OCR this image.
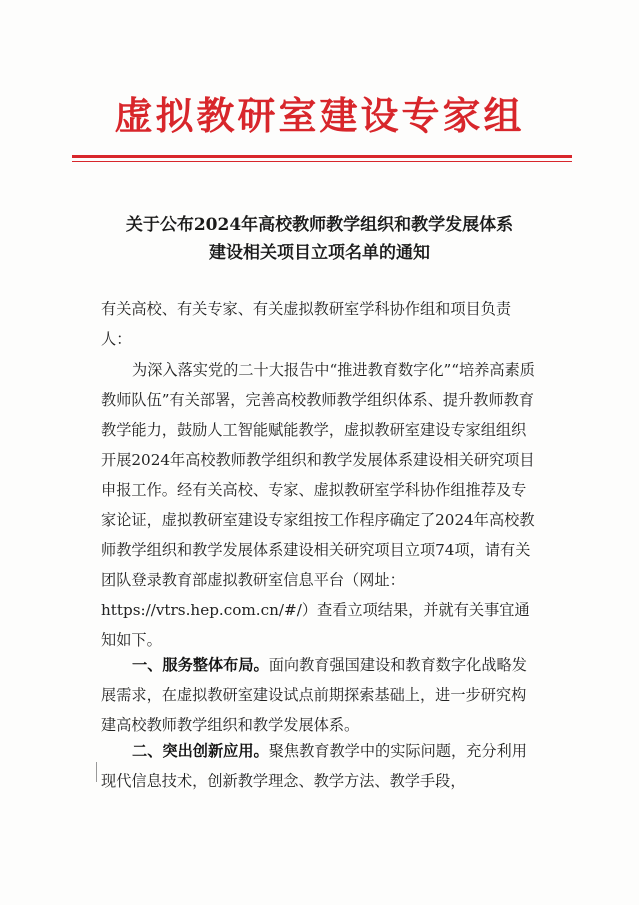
虚拟教研室建设专家组
关于公布2024年高校教师教学组织和教学发展体系
建设相关项目立项名单的通知
有关高校、有关专家、有关虚拟教研室学科协作组和项目负责人：
为深入落实党的二十大报告中“推进教育数字化”“培养高素质教师队伍”有关部署，完善高校教师教学组织体系、提升教师教育教学能力，鼓励人工智能赋能教学，虚拟教研室建设专家组组织开展2024年高校教师教学组织和教学发展体系建设相关研究项目申报工作。经有关高校、专家、虚拟教研室学科协作组推荐及专家论证，虚拟教研室建设专家组按工作程序确定了2024年高校教师教学组织和教学发展体系建设相关研究项目立项74项，请有关团队登录教育部虚拟教研室信息平台（网址：https://vtrs.hep.com.cn/#/）查看立项结果，并就有关事宜通知如下。
一、服务整体布局。面向教育强国建设和教育数字化战略发展需求，在虚拟教研室建设试点前期探索基础上，进一步研究构建高校教师教学组织和教学发展体系。
二、突出创新应用。聚焦教育教学中的实际问题，充分利用现代信息技术，创新教学理念、教学方法、教学手段，
